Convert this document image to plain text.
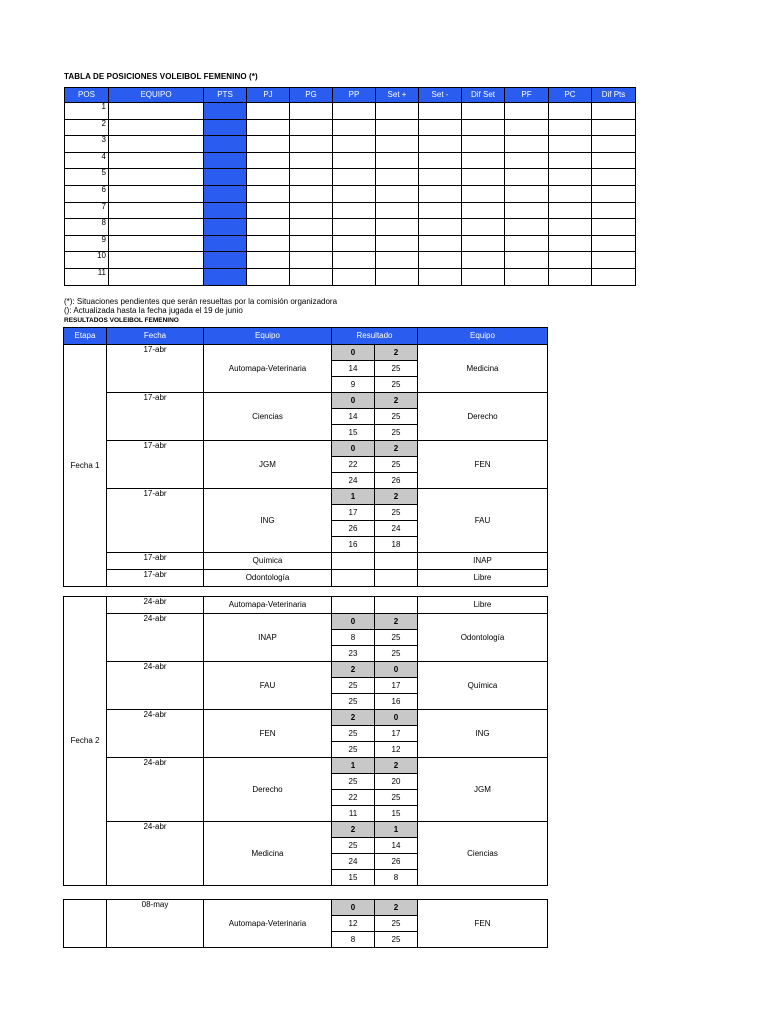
TABLA DE POSICIONES VOLEIBOL FEMENINO (*)
POS	EQUIPO	PTS	PJ	PG	PP	Set +	Set -	Dif Set	PF	PC	Dif Pts
1											
2											
3											
4											
5											
6											
7											
8											
9											
10											
11											
(*): Situaciones pendientes que serán resueltas por la comisión organizadora
(): Actualizada hasta la fecha jugada el 19 de junio
RESULTADOS VOLEIBOL FEMENINO
Etapa	Fecha	Equipo	Resultado		Equipo
Fecha 1	17-abr	Automapa-Veterinaria	0	2	Medicina
			14	25	
			9	25	
	17-abr	Ciencias	0	2	Derecho
			14	25	
			15	25	
	17-abr	JGM	0	2	FEN
			22	25	
			24	26	
	17-abr	ING	1	2	FAU
			17	25	
			26	24	
			16	18	
	17-abr	Química			INAP
	17-abr	Odontología			Libre
Fecha 2	24-abr	Automapa-Veterinaria			Libre
	24-abr	INAP	0	2	Odontología
			8	25	
			23	25	
	24-abr	FAU	2	0	Química
			25	17	
			25	16	
	24-abr	FEN	2	0	ING
			25	17	
			25	12	
	24-abr	Derecho	1	2	JGM
			25	20	
			22	25	
			11	15	
	24-abr	Medicina	2	1	Ciencias
			25	14	
			24	26	
			15	8	
	08-may	Automapa-Veterinaria	0	2	FEN
			12	25	
			8	25	
